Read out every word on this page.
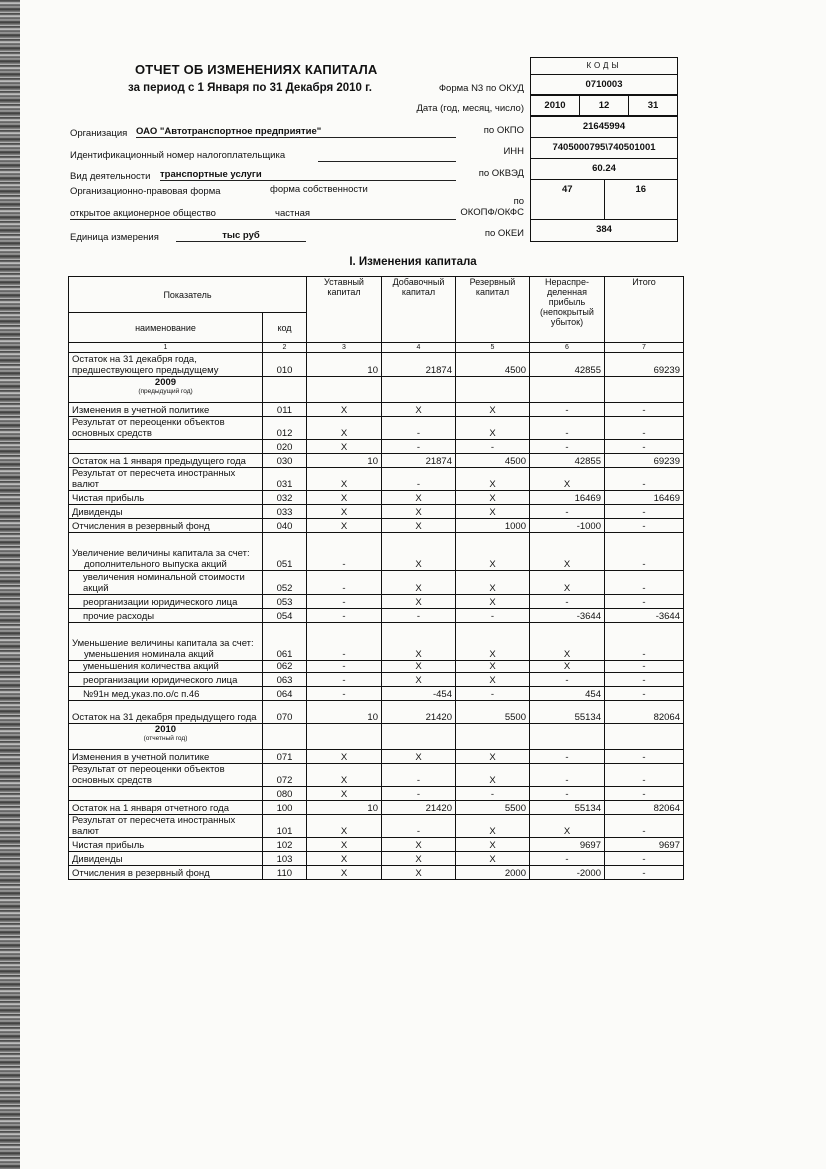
ОТЧЕТ ОБ ИЗМЕНЕНИЯХ КАПИТАЛА
за период с 1 Января по 31 Декабря 2010 г.
КОДЫ
0710003
2010	12	31
21645994
7405000795\740501001
60.24
47	16
384
Форма N3 по ОКУД
Дата (год, месяц, число)
по ОКПО
ИНН
по ОКВЭД
по
ОКОПФ/ОКФС
по ОКЕИ
Организация ОАО "Автотранспортное предприятие"
Идентификационный номер налогоплательщика
Вид деятельности транспортные услуги
Организационно-правовая форма	форма собственности
открытое акционерное общество	частная
Единица измерения	тыс руб
I. Изменения капитала
Показатель		Уставный капитал	Добавочный капитал	Резервный капитал	Нераспре-деленная прибыль (непокрытый убыток)	Итого
наименование	код					
1	2	3	4	5	6	7
Остаток на 31 декабря года, предшествующего предыдущему	010	10	21874	4500	42855	69239

2009
(предыдущий год)						

Изменения в учетной политике	011	X	X	X	-	-
Результат от переоценки объектов основных средств	012	X	-	X	-	-
	020	X	-	-	-	-
Остаток на 1 января предыдущего года	030	10	21874	4500	42855	69239
Результат от пересчета иностранных валют	031	X	-	X	X	-
Чистая прибыль	032	X	X	X	16469	16469
Дивиденды	033	X	X	X	-	-
Отчисления в резервный фонд	040	X	X	1000	-1000	-
Увеличение величины капитала за счет:
дополнительного выпуска акций	051	-	X	X	X	-
увеличения номинальной стоимости акций	052	-	X	X	X	-
реорганизации юридического лица	053	-	X	X	-	-
прочие расходы	054	-	-	-	-3644	-3644
Уменьшение величины капитала за счет:
уменьшения номинала акций	061	-	X	X	X	-
уменьшения количества акций	062	-	X	X	X	-
реорганизации юридического лица	063	-	X	X	-	-
№91н мед.указ.по.о/с п.46	064	-	-454	-	454	-
Остаток на 31 декабря предыдущего года	070	10	21420	5500	55134	82064

2010
(отчетный год)						

Изменения в учетной политике	071	X	X	X	-	-
Результат от переоценки объектов основных средств	072	X	-	X	-	-
	080	X	-	-	-	-
Остаток на 1 января отчетного года	100	10	21420	5500	55134	82064
Результат от пересчета иностранных валют	101	X	-	X	X	-
Чистая прибыль	102	X	X	X	9697	9697
Дивиденды	103	X	X	X	-	-
Отчисления в резервный фонд	110	X	X	2000	-2000	-
